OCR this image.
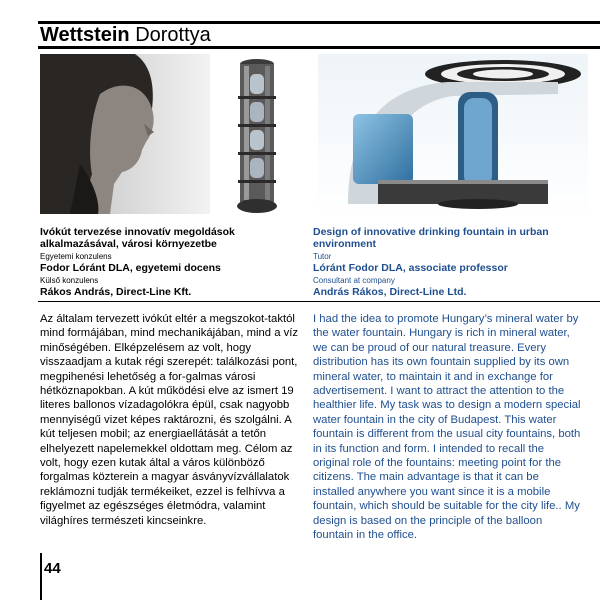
Wettstein Dorottya
Ivókút tervezése innovatív megoldások alkalmazásával, városi környezetbe
Egyetemi konzulens
Fodor Lóránt DLA, egyetemi docens
Külső konzulens
Rákos András, Direct-Line Kft.
Design of innovative drinking fountain in urban environment
Tutor
Lóránt Fodor DLA, associate professor
Consultant at company
András Rákos, Direct-Line Ltd.
Az általam tervezett ivókút eltér a megszokot-taktól mind formájában, mind mechanikájában, mind a víz minőségében. Elképzelésem az volt, hogy visszaadjam a kutak régi szerepét: találkozási pont, megpihenési lehetőség a for-galmas városi hétköznapokban. A kút működési elve az ismert 19 literes ballonos vízadagolókra épül, csak nagyobb mennyiségű vizet képes raktározni, és szolgálni. A kút teljesen mobil; az energiaellátását a tetőn elhelyezett napelemekkel oldottam meg. Célom az volt, hogy ezen kutak által a város különböző forgalmas közterein a magyar ásványvízvállalatok reklámozni tudják termékeiket, ezzel is felhívva a figyelmet az egészséges életmódra, valamint világhíres természeti kincseinkre.
I had the idea to promote Hungary’s mineral water by the water fountain. Hungary is rich in mineral water, we can be proud of our natural treasure. Every distribution has its own fountain supplied by its own mineral water, to maintain it and in exchange for advertisement. I want to attract the attention to the healthier life. My task was to design a modern special water fountain in the city of Budapest. This water fountain is different from the usual city fountains, both in its function and form. I intended to recall the original role of the fountains: meeting point for the citizens. The main advantage is that it can be installed anywhere you want since it is a mobile fountain, which should be suitable for the city life.. My design is based on the principle of the balloon fountain in the office.
44
